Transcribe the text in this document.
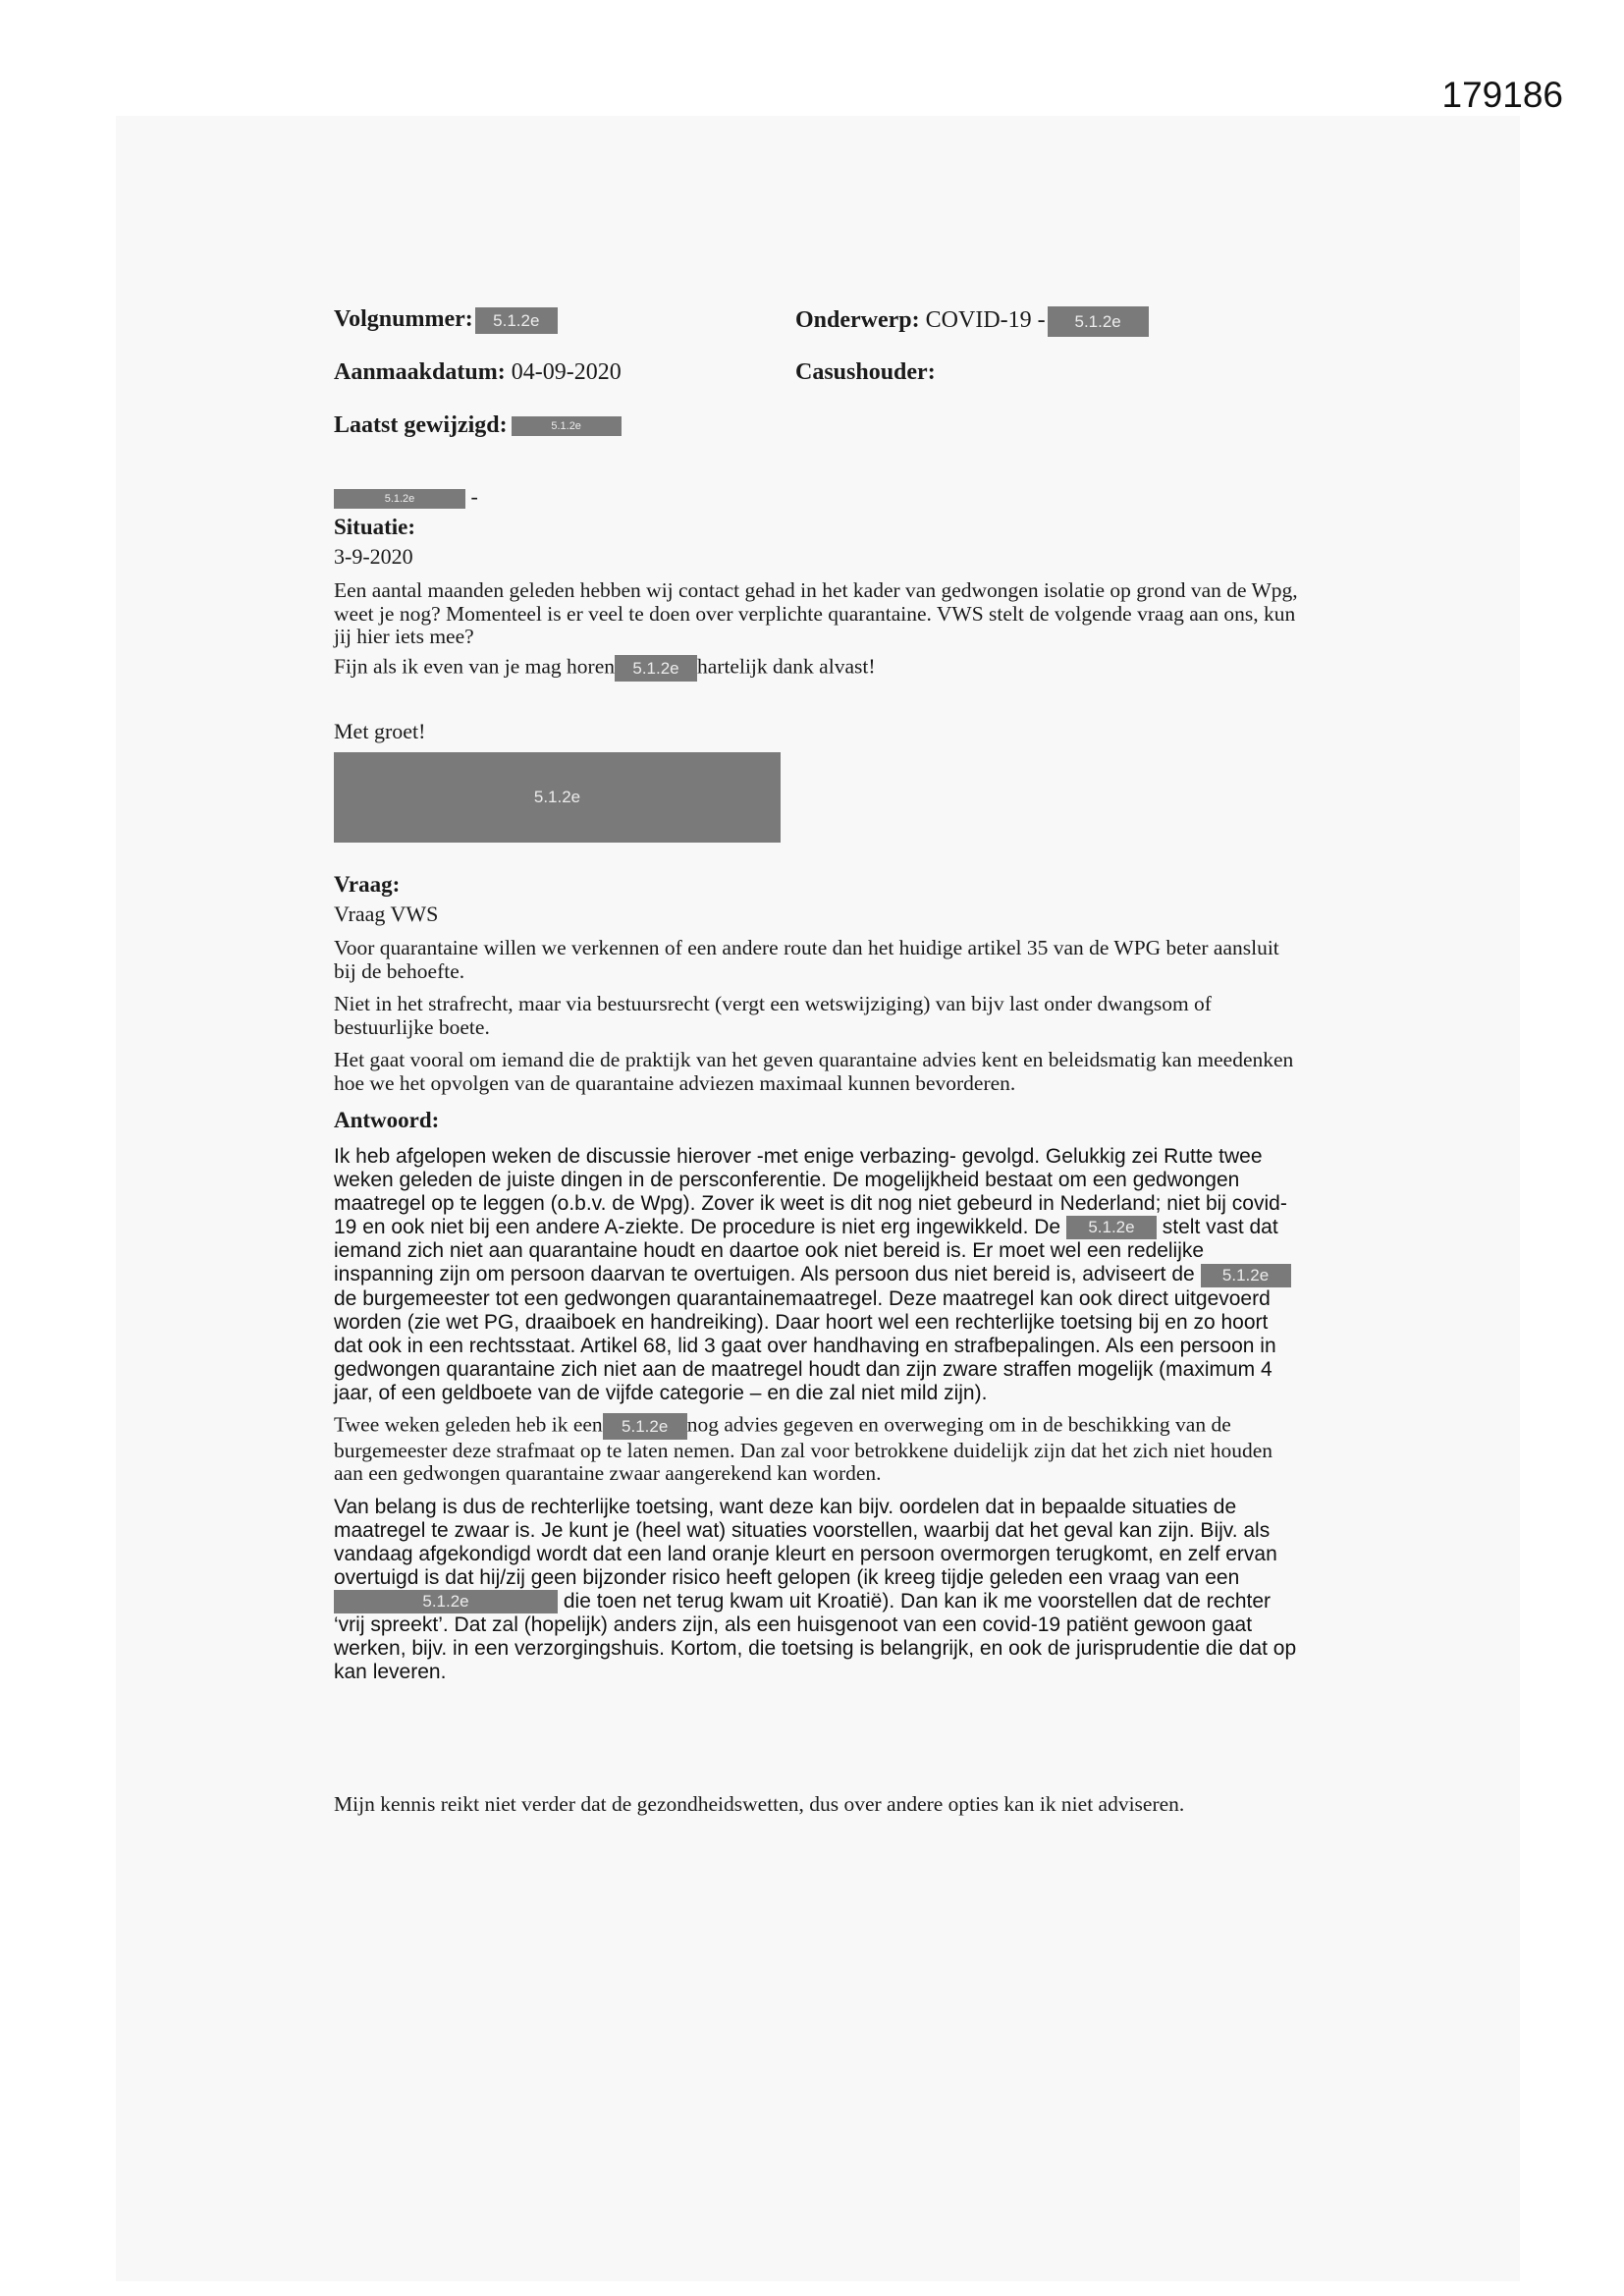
179186
Volgnummer: 5.1.2e	Onderwerp: COVID-19 - 5.1.2e
Aanmaakdatum: 04-09-2020	Casushouder:
Laatst gewijzigd:	5.1.2e
5.1.2e	-
Situatie:
3-9-2020

Een aantal maanden geleden hebben wij contact gehad in het kader van gedwongen isolatie op grond van de Wpg, weet je nog? Momenteel is er veel te doen over verplichte quarantaine. VWS stelt de volgende vraag aan ons, kun jij hier iets mee?

Fijn als ik even van je mag horen 5.1.2e hartelijk dank alvast!

Met groet!
5.1.2e
Vraag:
Vraag VWS

Voor quarantaine willen we verkennen of een andere route dan het huidige artikel 35 van de WPG beter aansluit bij de behoefte.

Niet in het strafrecht, maar via bestuursrecht (vergt een wetswijziging) van bijv last onder dwangsom of bestuurlijke boete.

Het gaat vooral om iemand die de praktijk van het geven quarantaine advies kent en beleidsmatig kan meedenken hoe we het opvolgen van de quarantaine adviezen maximaal kunnen bevorderen.

Antwoord:

Ik heb afgelopen weken de discussie hierover -met enige verbazing- gevolgd. Gelukkig zei Rutte twee weken geleden de juiste dingen in de persconferentie. De mogelijkheid bestaat om een gedwongen maatregel op te leggen (o.b.v. de Wpg). Zover ik weet is dit nog niet gebeurd in Nederland; niet bij covid-19 en ook niet bij een andere A-ziekte. De procedure is niet erg ingewikkeld. De 5.1.2e stelt vast dat iemand zich niet aan quarantaine houdt en daartoe ook niet bereid is. Er moet wel een redelijke inspanning zijn om persoon daarvan te overtuigen. Als persoon dus niet bereid is, adviseert de 5.1.2e de burgemeester tot een gedwongen quarantainemaatregel. Deze maatregel kan ook direct uitgevoerd worden (zie wet PG, draaiboek en handreiking). Daar hoort wel een rechterlijke toetsing bij en zo hoort dat ook in een rechtsstaat. Artikel 68, lid 3 gaat over handhaving en strafbepalingen. Als een persoon in gedwongen quarantaine zich niet aan de maatregel houdt dan zijn zware straffen mogelijk (maximum 4 jaar, of een geldboete van de vijfde categorie – en die zal niet mild zijn).

Twee weken geleden heb ik een 5.1.2e nog advies gegeven en overweging om in de beschikking van de burgemeester deze strafmaat op te laten nemen. Dan zal voor betrokkene duidelijk zijn dat het zich niet houden aan een gedwongen quarantaine zwaar aangerekend kan worden.

Van belang is dus de rechterlijke toetsing, want deze kan bijv. oordelen dat in bepaalde situaties de maatregel te zwaar is. Je kunt je (heel wat) situaties voorstellen, waarbij dat het geval kan zijn. Bijv. als vandaag afgekondigd wordt dat een land oranje kleurt en persoon overmorgen terugkomt, en zelf ervan overtuigd is dat hij/zij geen bijzonder risico heeft gelopen (ik kreeg tijdje geleden een vraag van een 5.1.2e	die toen net terug kwam uit Kroatië). Dan kan ik me voorstellen dat de rechter ‘vrij spreekt’. Dat zal (hopelijk) anders zijn, als een huisgenoot van een covid-19 patiënt gewoon gaat werken, bijv. in een verzorgingshuis. Kortom, die toetsing is belangrijk, en ook de jurisprudentie die dat op kan leveren.

Mijn kennis reikt niet verder dat de gezondheidswetten, dus over andere opties kan ik niet adviseren.
